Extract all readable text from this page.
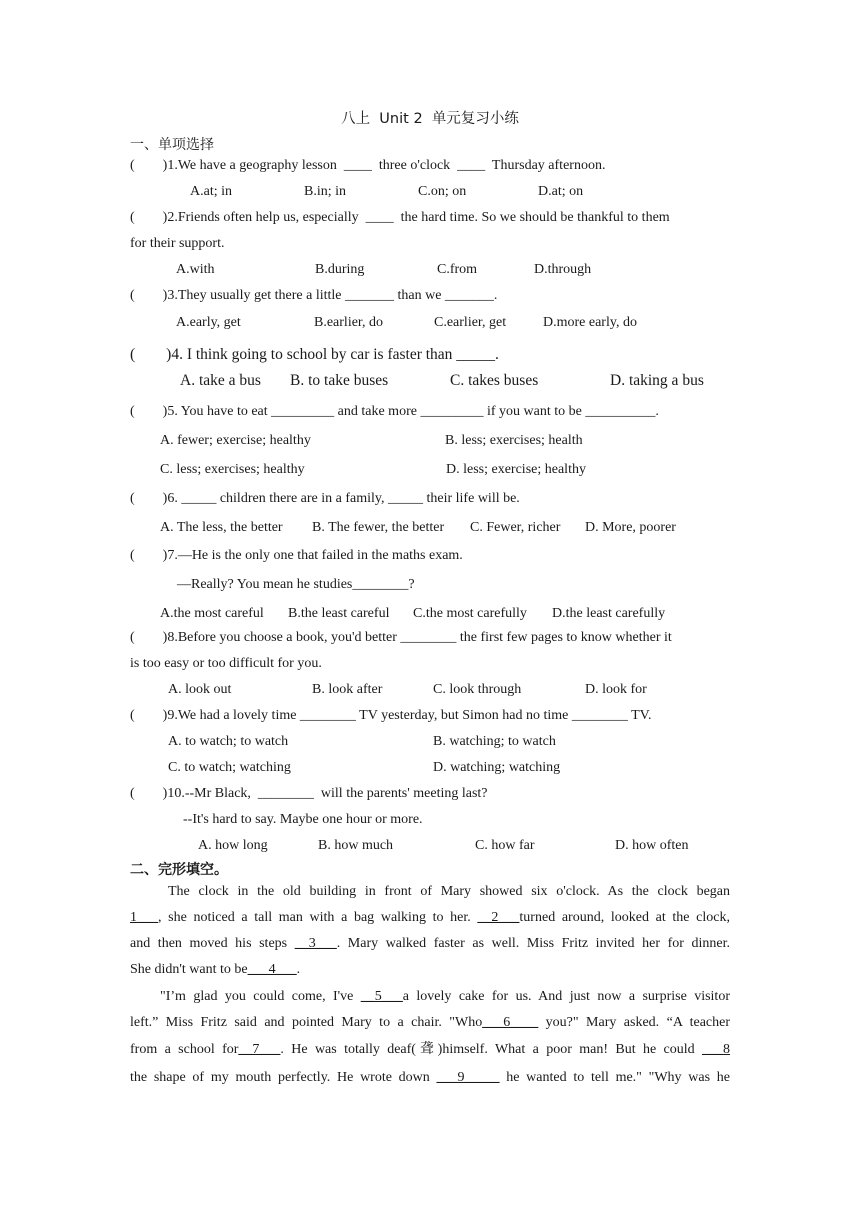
八上  Unit 2  单元复习小练
一、单项选择
(        )1.We have a geography lesson  ____  three o'clock  ____  Thursday afternoon.
A.at; in	B.in; in	C.on; on	D.at; on
(        )2.Friends often help us, especially  ____  the hard time. So we should be thankful to them
for their support.
A.with	B.during	C.from	D.through
(        )3.They usually get there a little _______ than we _______.
A.early, get	B.earlier, do	C.earlier, get	D.more early, do
(        )4. I think going to school by car is faster than _____.
A. take a bus B. to take buses	C. takes buses	D. taking a bus
(        )5. You have to eat _________ and take more _________ if you want to be __________.
A. fewer; exercise; healthy	B. less; exercises; health
C. less; exercises; healthy	D. less; exercise; healthy
(        )6. _____ children there are in a family, _____ their life will be.
A. The less, the better B. The fewer, the better C. Fewer, richer D. More, poorer
(        )7.—He is the only one that failed in the maths exam.
—Really? You mean he studies________?
A.the most careful B.the least careful C.the most carefully D.the least carefully
(        )8.Before you choose a book, you'd better ________ the first few pages to know whether it
is too easy or too difficult for you.
A. look out	B. look after	C. look through	D. look for
(        )9.We had a lovely time ________ TV yesterday, but Simon had no time ________ TV.
A. to watch; to watch	B. watching; to watch
C. to watch; watching	D. watching; watching
(        )10.--Mr Black,  ________  will the parents' meeting last?
--It's hard to say. Maybe one hour or more.
A. how long	B. how much	C. how far	D. how often
二、完形填空。
The clock in the old building in front of Mary showed six o'clock. As the clock began
1___, she noticed a tall man with a bag walking to her. __2___turned around, looked at the clock,
and then moved his steps __3___. Mary walked faster as well. Miss Fritz invited her for dinner.
She didn't want to be___4___.
"I’m glad you could come, I've __5___a lovely cake for us. And just now a surprise visitor
left.” Miss Fritz said and pointed Mary to a chair. "Who___6____ you?" Mary asked. “A teacher
from a school for__7___. He was totally deaf(聋)himself. What a poor man! But he could ___8
the shape of my mouth perfectly. He wrote down ___9_____ he wanted to tell me." "Why was he
